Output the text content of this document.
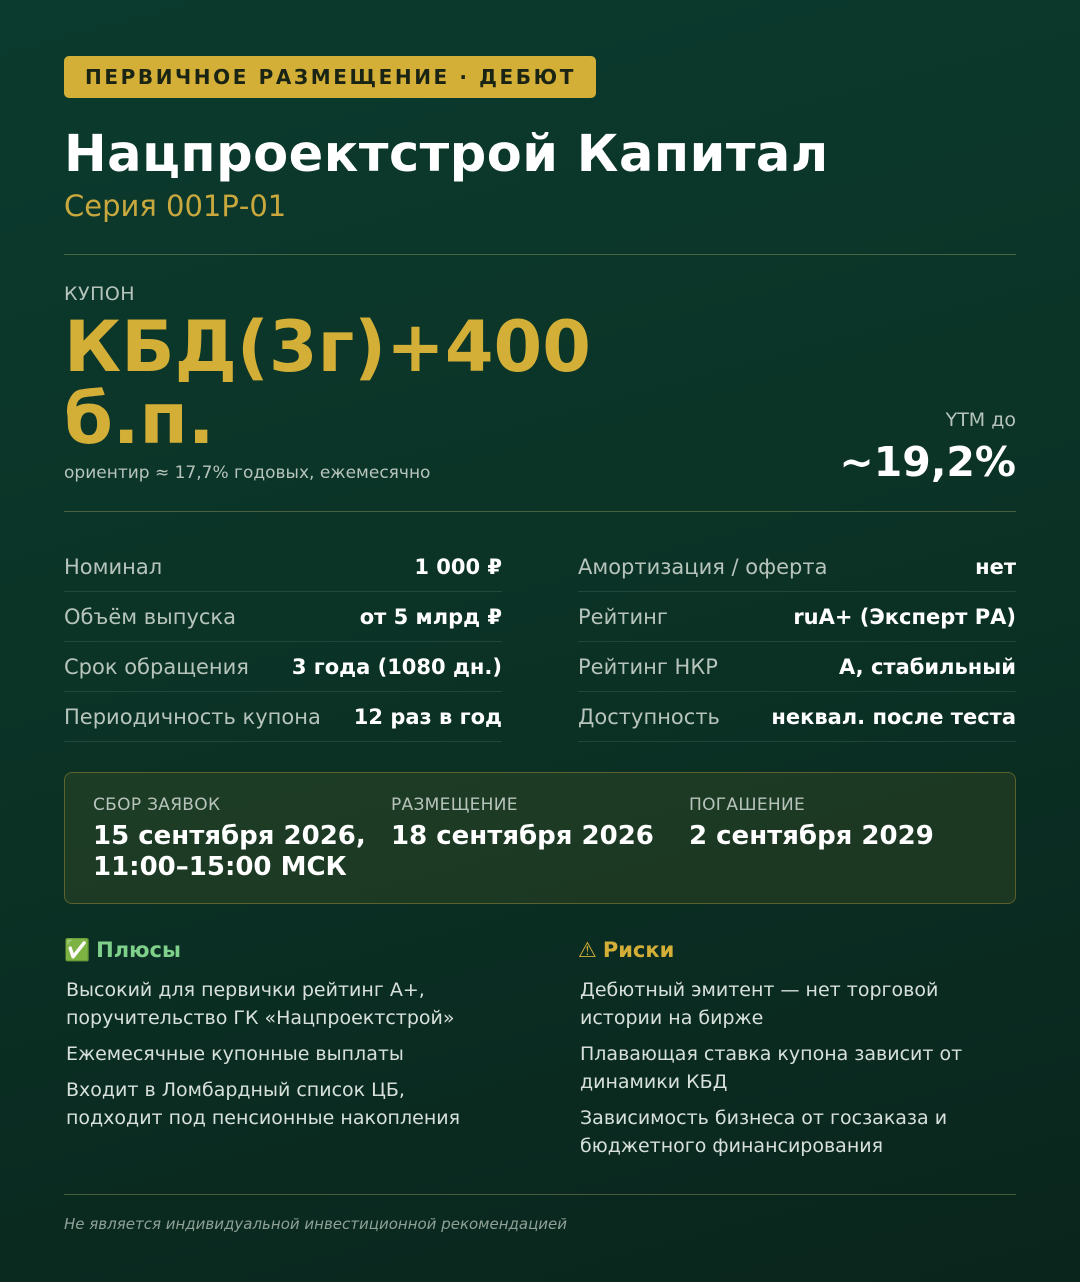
ПЕРВИЧНОЕ РАЗМЕЩЕНИЕ · ДЕБЮТ
Нацпроектстрой Капитал
Серия 001Р-01
КУПОН
КБД(3г)+400 б.п.
ориентир ≈ 17,7% годовых, ежемесячно
YTM до
~19,2%
Номинал	1 000 ₽
Объём выпуска	от 5 млрд ₽
Срок обращения 3 года (1080 дн.)
Периодичность купона 12 раз в год
Амортизация / оферта	нет
Рейтинг	ruA+ (Эксперт РА)
Рейтинг НКР	A, стабильный
Доступность неквал. после теста
СБОР ЗАЯВОК
15 сентября 2026, 11:00–15:00 МСК
РАЗМЕЩЕНИЕ
18 сентября 2026
ПОГАШЕНИЕ
2 сентября 2029
✅ Плюсы
Высокий для первички рейтинг A+, поручительство ГК «Нацпроектстрой»
Ежемесячные купонные выплаты
Входит в Ломбардный список ЦБ, подходит под пенсионные накопления
⚠ Риски
Дебютный эмитент — нет торговой истории на бирже
Плавающая ставка купона зависит от динамики КБД
Зависимость бизнеса от госзаказа и бюджетного финансирования
Не является индивидуальной инвестиционной рекомендацией
